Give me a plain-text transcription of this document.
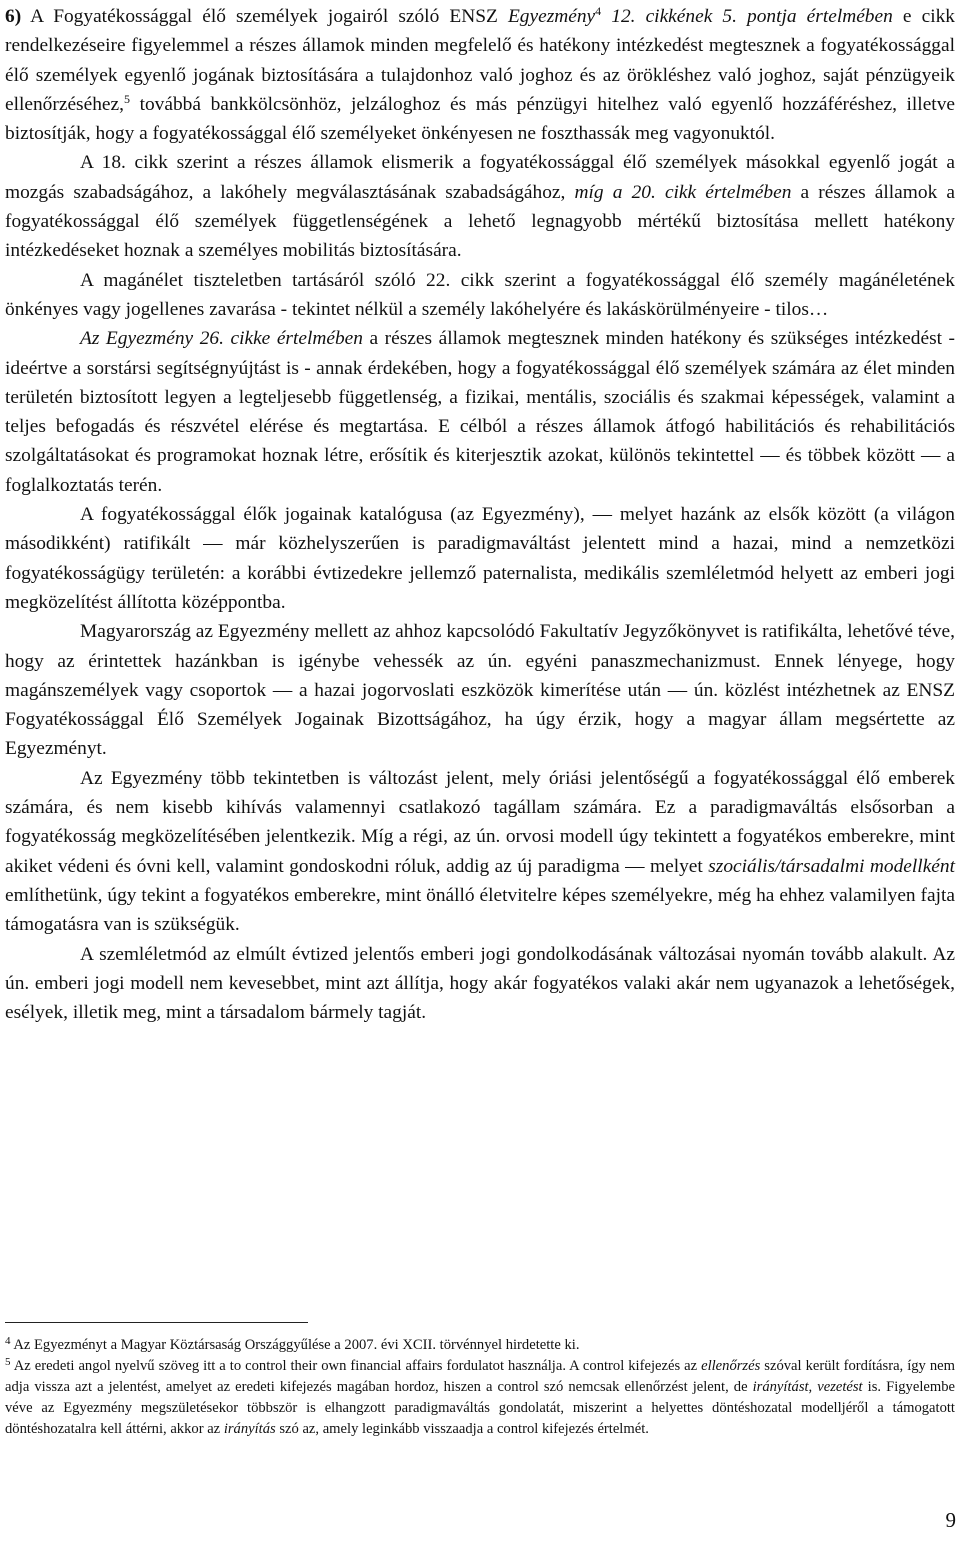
6) A Fogyatékossággal élő személyek jogairól szóló ENSZ Egyezmény$^4$ 12. cikkének 5. pontja értelmében e cikk rendelkezéseire figyelemmel a részes államok minden megfelelő és hatékony intézkedést megtesznek a fogyatékossággal élő személyek egyenlő jogának biztosítására a tulajdonhoz való joghoz és az örökléshez való joghoz, saját pénzügyeik ellenőrzéséhez,$^5$ továbbá bankkölcsönhöz, jelzáloghoz és más pénzügyi hitelhez való egyenlő hozzáféréshez, illetve biztosítják, hogy a fogyatékossággal élő személyeket önkényesen ne foszthassák meg vagyonuktól.

A 18. cikk szerint a részes államok elismerik a fogyatékossággal élő személyek másokkal egyenlő jogát a mozgás szabadságához, a lakóhely megválasztásának szabadságához, míg a 20. cikk értelmében a részes államok a fogyatékossággal élő személyek függetlenségének a lehető legnagyobb mértékű biztosítása mellett hatékony intézkedéseket hoznak a személyes mobilitás biztosítására.

A magánélet tiszteletben tartásáról szóló 22. cikk szerint a fogyatékossággal élő személy magánéletének önkényes vagy jogellenes zavarása - tekintet nélkül a személy lakóhelyére és lakáskörülményeire - tilos…

Az Egyezmény 26. cikke értelmében a részes államok megtesznek minden hatékony és szükséges intézkedést - ideértve a sorstársi segítségnyújtást is - annak érdekében, hogy a fogyatékossággal élő személyek számára az élet minden területén biztosított legyen a legteljesebb függetlenség, a fizikai, mentális, szociális és szakmai képességek, valamint a teljes befogadás és részvétel elérése és megtartása. E célból a részes államok átfogó habilitációs és rehabilitációs szolgáltatásokat és programokat hoznak létre, erősítik és kiterjesztik azokat, különös tekintettel — és többek között — a foglalkoztatás terén.

A fogyatékossággal élők jogainak katalógusa (az Egyezmény), — melyet hazánk az elsők között (a világon másodikként) ratifikált — már közhelyszerűen is paradigmaváltást jelentett mind a hazai, mind a nemzetközi fogyatékosságügy területén: a korábbi évtizedekre jellemző paternalista, medikális szemléletmód helyett az emberi jogi megközelítést állította középpontba.

Magyarország az Egyezmény mellett az ahhoz kapcsolódó Fakultatív Jegyzőkönyvet is ratifikálta, lehetővé téve, hogy az érintettek hazánkban is igénybe vehessék az ún. egyéni panaszmechanizmust. Ennek lényege, hogy magánszemélyek vagy csoportok — a hazai jogorvoslati eszközök kimerítése után — ún. közlést intézhetnek az ENSZ Fogyatékossággal Élő Személyek Jogainak Bizottságához, ha úgy érzik, hogy a magyar állam megsértette az Egyezményt.

Az Egyezmény több tekintetben is változást jelent, mely óriási jelentőségű a fogyatékossággal élő emberek számára, és nem kisebb kihívás valamennyi csatlakozó tagállam számára. Ez a paradigmaváltás elsősorban a fogyatékosság megközelítésében jelentkezik. Míg a régi, az ún. orvosi modell úgy tekintett a fogyatékos emberekre, mint akiket védeni és óvni kell, valamint gondoskodni róluk, addig az új paradigma — melyet szociális/társadalmi modellként említhetünk, úgy tekint a fogyatékos emberekre, mint önálló életvitelre képes személyekre, még ha ehhez valamilyen fajta támogatásra van is szükségük.

A szemléletmód az elmúlt évtized jelentős emberi jogi gondolkodásának változásai nyomán tovább alakult. Az ún. emberi jogi modell nem kevesebbet, mint azt állítja, hogy akár fogyatékos valaki akár nem ugyanazok a lehetőségek, esélyek, illetik meg, mint a társadalom bármely tagját.

$^4$ Az Egyezményt a Magyar Köztársaság Országgyűlése a 2007. évi XCII. törvénnyel hirdetette ki.

$^5$ Az eredeti angol nyelvű szöveg itt a to control their own financial affairs fordulatot használja. A control kifejezés az ellenőrzés szóval került fordításra, így nem adja vissza azt a jelentést, amelyet az eredeti kifejezés magában hordoz, hiszen a control szó nemcsak ellenőrzést jelent, de irányítást, vezetést is. Figyelembe véve az Egyezmény megszületésekor többször is elhangzott paradigmaváltás gondolatát, miszerint a helyettes döntéshozatal modelljéről a támogatott döntéshozatalra kell áttérni, akkor az irányítás szó az, amely leginkább visszaadja a control kifejezés értelmét.

9
